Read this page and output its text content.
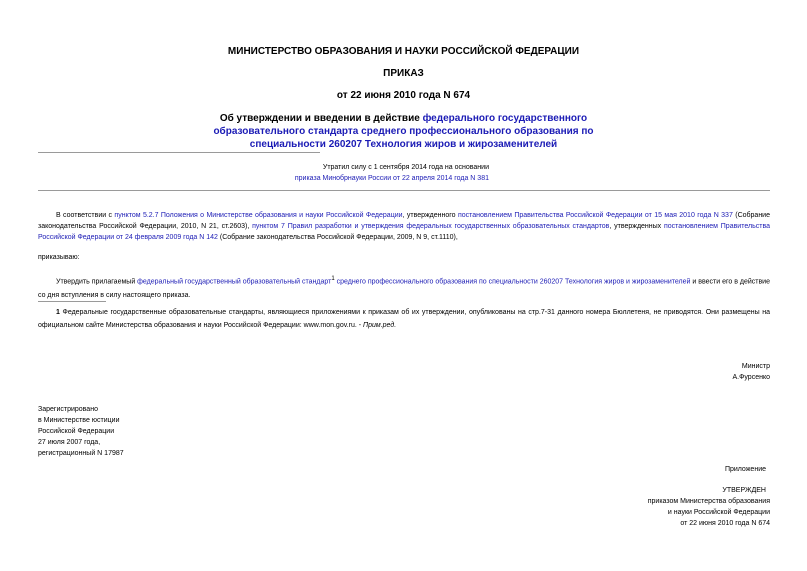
МИНИСТЕРСТВО ОБРАЗОВАНИЯ И НАУКИ РОССИЙСКОЙ ФЕДЕРАЦИИ
ПРИКАЗ
от 22 июня 2010 года N 674
Об утверждении и введении в действие федерального государственного образовательного стандарта среднего профессионального образования по специальности 260207 Технология жиров и жирозаменителей
Утратил силу с 1 сентября 2014 года на основании
приказа Минобрнауки России от 22 апреля 2014 года N 381
В соответствии с пунктом 5.2.7 Положения о Министерстве образования и науки Российской Федерации, утвержденного постановлением Правительства Российской Федерации от 15 мая 2010 года N 337 (Собрание законодательства Российской Федерации, 2010, N 21, ст.2603), пунктом 7 Правил разработки и утверждения федеральных государственных образовательных стандартов, утвержденных постановлением Правительства Российской Федерации от 24 февраля 2009 года N 142 (Собрание законодательства Российской Федерации, 2009, N 9, ст.1110),
приказываю:
Утвердить прилагаемый федеральный государственный образовательный стандарт$^1$ среднего профессионального образования по специальности 260207 Технология жиров и жирозаменителей и ввести его в действие со дня вступления в силу настоящего приказа.
1 Федеральные государственные образовательные стандарты, являющиеся приложениями к приказам об их утверждении, опубликованы на стр.7-31 данного номера Бюллетеня, не приводятся. Они размещены на официальном сайте Министерства образования и науки Российской Федерации: www.mon.gov.ru. - Прим.ред.
Министр
А.Фурсенко
Зарегистрировано
в Министерстве юстиции
Российской Федерации
27 июля 2007 года,
регистрационный N 17987
Приложение
УТВЕРЖДЕН
приказом Министерства образования
и науки Российской Федерации
от 22 июня 2010 года N 674
